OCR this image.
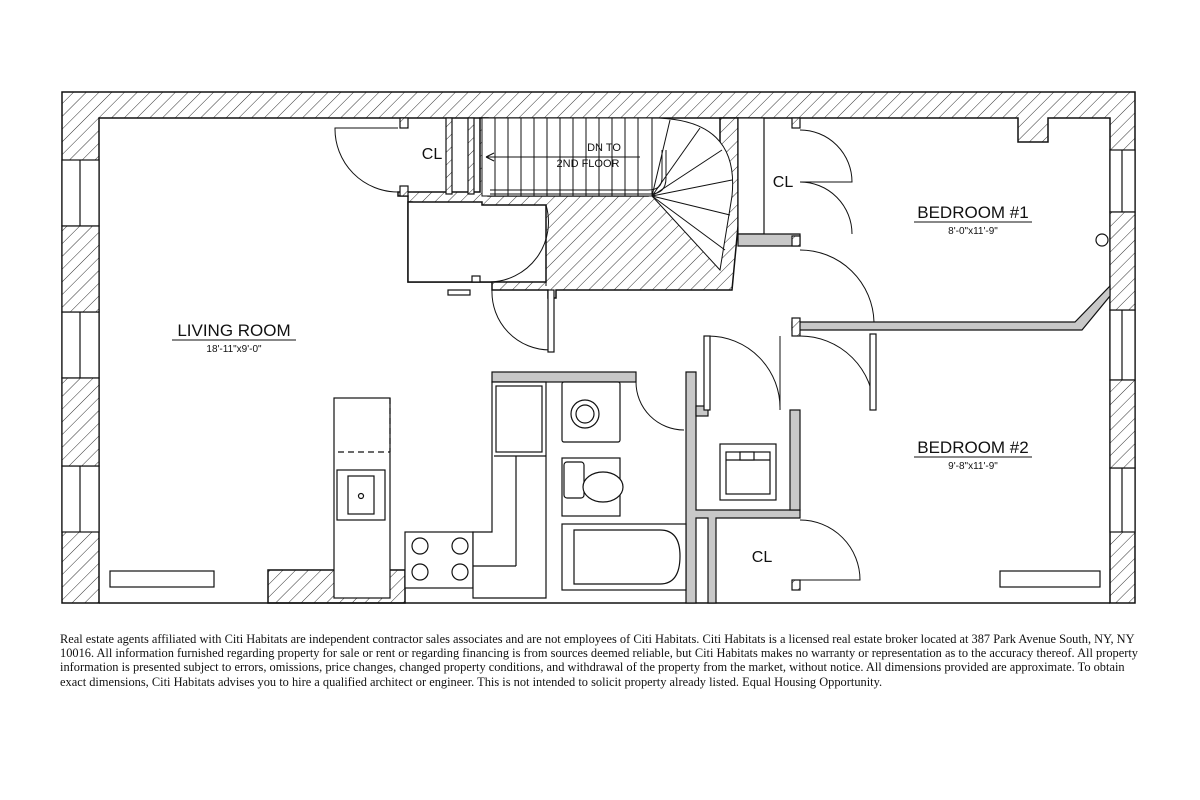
DN TO
2ND FLOOR
CL
CL
CL
LIVING ROOM
18'-11"x9'-0"
BEDROOM #1
8'-0"x11'-9"
BEDROOM #2
9'-8"x11'-9"

Real estate agents affiliated with Citi Habitats are independent contractor sales associates and are not employees of Citi Habitats. Citi Habitats is a licensed real estate broker located at 387 Park Avenue South, NY, NY 10016. All information furnished regarding property for sale or rent or regarding financing is from sources deemed reliable, but Citi Habitats makes no warranty or representation as to the accuracy thereof. All property information is presented subject to errors, omissions, price changes, changed property conditions, and withdrawal of the property from the market, without notice. All dimensions provided are approximate. To obtain exact dimensions, Citi Habitats advises you to hire a qualified architect or engineer. This is not intended to solicit property already listed. Equal Housing Opportunity.
